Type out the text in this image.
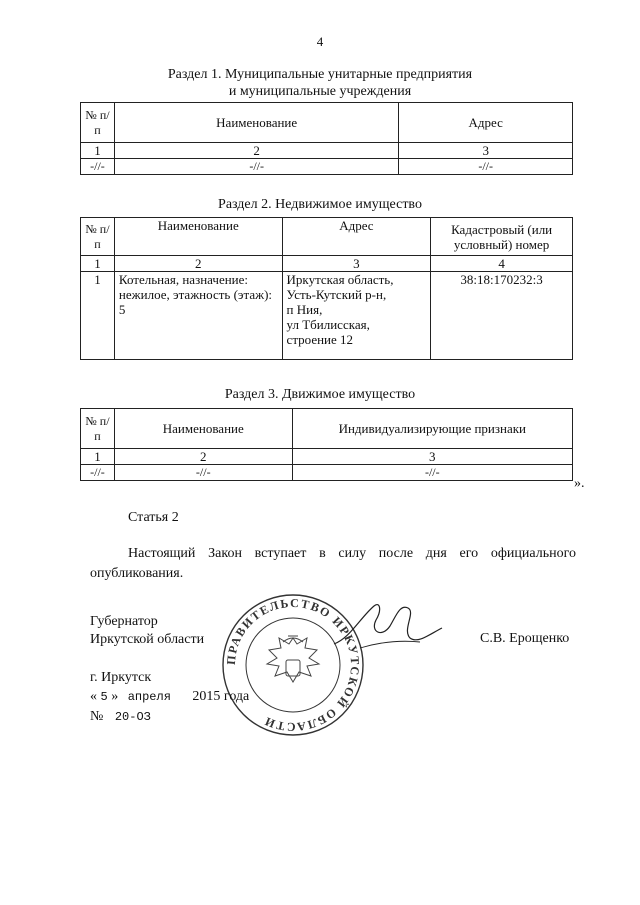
4
Раздел 1. Муниципальные унитарные предприятия
и муниципальные учреждения
№ п/п	Наименование	Адрес
1	2	3
-//-	-//-	-//-
Раздел 2. Недвижимое имущество
№ п/п	Наименование	Адрес	Кадастровый (или условный) номер
1	2	3	4
1	Котельная, назначение: нежилое, этажность (этаж): 5	Иркутская область,
Усть-Кутский р-н,
п Ния,
ул Тбилисская,
строение 12	38:18:170232:3
Раздел 3. Движимое имущество
№ п/п	Наименование	Индивидуализирующие признаки
1	2	3
-//-	-//-	-//-
».
Статья 2
Настоящий Закон вступает в силу после дня его официального опубликования.
ПРАВИТЕЛЬСТВО ИРКУТСКОЙ ОБЛАСТИ
Губернатор
Иркутской области	С.В. Ерощенко
г. Иркутск
« 5 » апреля 2015 года
№ 20-ОЗ
